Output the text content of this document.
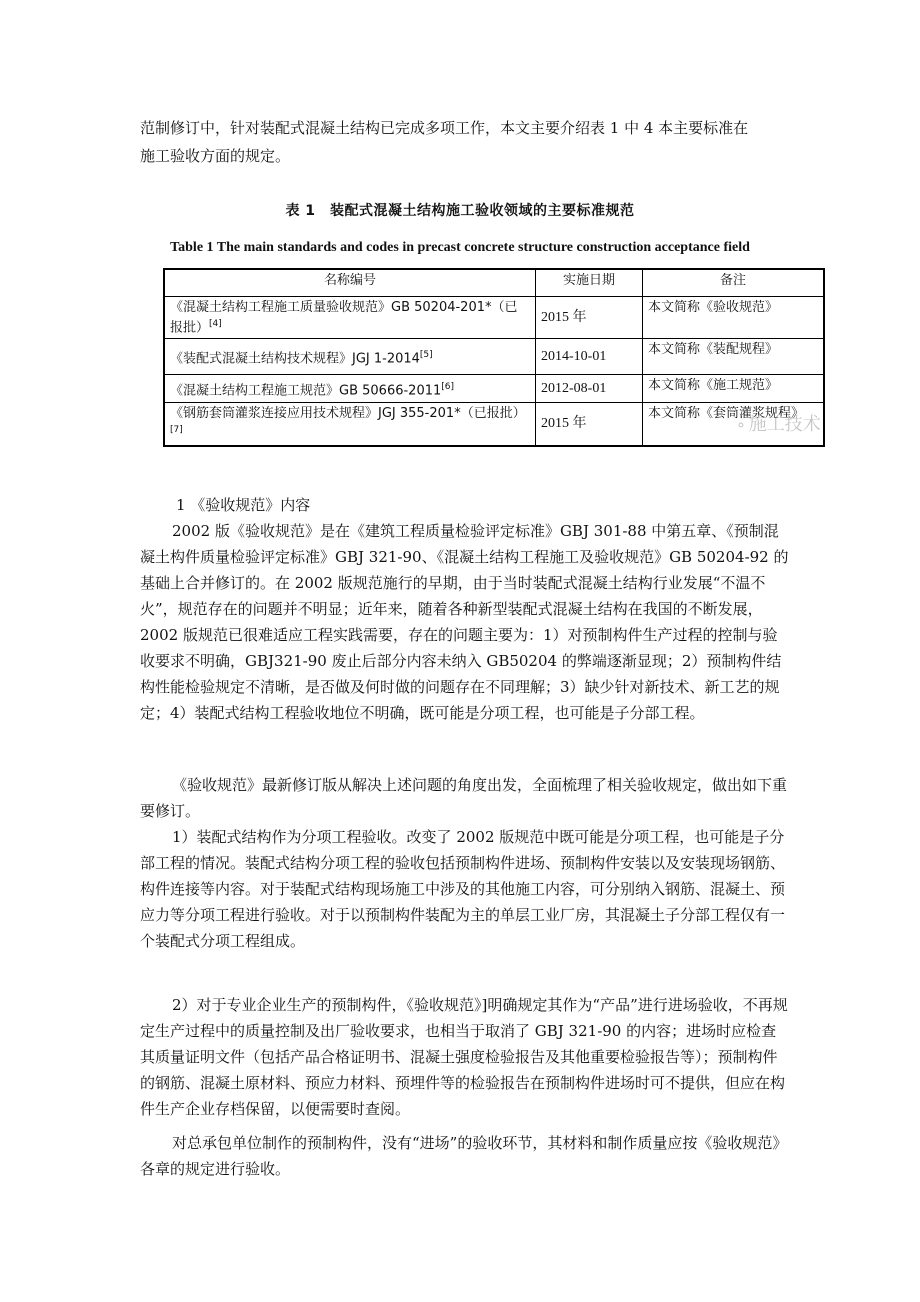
范制修订中，针对装配式混凝土结构已完成多项工作，本文主要介绍表 1 中 4 本主要标准在

施工验收方面的规定。

表 1　装配式混凝土结构施工验收领域的主要标准规范
Table 1 The main standards and codes in precast concrete structure construction acceptance field
名称编号	实施日期	备注
《混凝土结构工程施工质量验收规范》GB 50204-201*（已报批）[4]	2015 年	本文简称《验收规范》
《装配式混凝土结构技术规程》JGJ 1-2014[5]	2014-10-01	本文简称《装配规程》
《混凝土结构工程施工规范》GB 50666-2011[6]	2012-08-01	本文简称《施工规范》
《钢筋套筒灌浆连接应用技术规程》JGJ 355-201*（已报批）[7]	2015 年	本文简称《套筒灌浆规程》
⚬ 施工技术
1 《验收规范》内容

2002 版《验收规范》是在《建筑工程质量检验评定标准》GBJ 301-88 中第五章、《预制混凝土构件质量检验评定标准》GBJ 321-90、《混凝土结构工程施工及验收规范》GB 50204-92 的基础上合并修订的。在 2002 版规范施行的早期，由于当时装配式混凝土结构行业发展“不温不火”，规范存在的问题并不明显；近年来，随着各种新型装配式混凝土结构在我国的不断发展，2002 版规范已很难适应工程实践需要，存在的问题主要为：1）对预制构件生产过程的控制与验收要求不明确，GBJ321-90 废止后部分内容未纳入 GB50204 的弊端逐渐显现；2）预制构件结构性能检验规定不清晰，是否做及何时做的问题存在不同理解；3）缺少针对新技术、新工艺的规定；4）装配式结构工程验收地位不明确，既可能是分项工程，也可能是子分部工程。

《验收规范》最新修订版从解决上述问题的角度出发，全面梳理了相关验收规定，做出如下重要修订。

1）装配式结构作为分项工程验收。改变了 2002 版规范中既可能是分项工程，也可能是子分部工程的情况。装配式结构分项工程的验收包括预制构件进场、预制构件安装以及安装现场钢筋、构件连接等内容。对于装配式结构现场施工中涉及的其他施工内容，可分别纳入钢筋、混凝土、预应力等分项工程进行验收。对于以预制构件装配为主的单层工业厂房，其混凝土子分部工程仅有一个装配式分项工程组成。

2）对于专业企业生产的预制构件，《验收规范》]明确规定其作为“产品”进行进场验收，不再规定生产过程中的质量控制及出厂验收要求，也相当于取消了 GBJ 321-90 的内容；进场时应检查其质量证明文件（包括产品合格证明书、混凝土强度检验报告及其他重要检验报告等）；预制构件的钢筋、混凝土原材料、预应力材料、预埋件等的检验报告在预制构件进场时可不提供，但应在构件生产企业存档保留，以便需要时查阅。

对总承包单位制作的预制构件，没有“进场”的验收环节，其材料和制作质量应按《验收规范》各章的规定进行验收。
